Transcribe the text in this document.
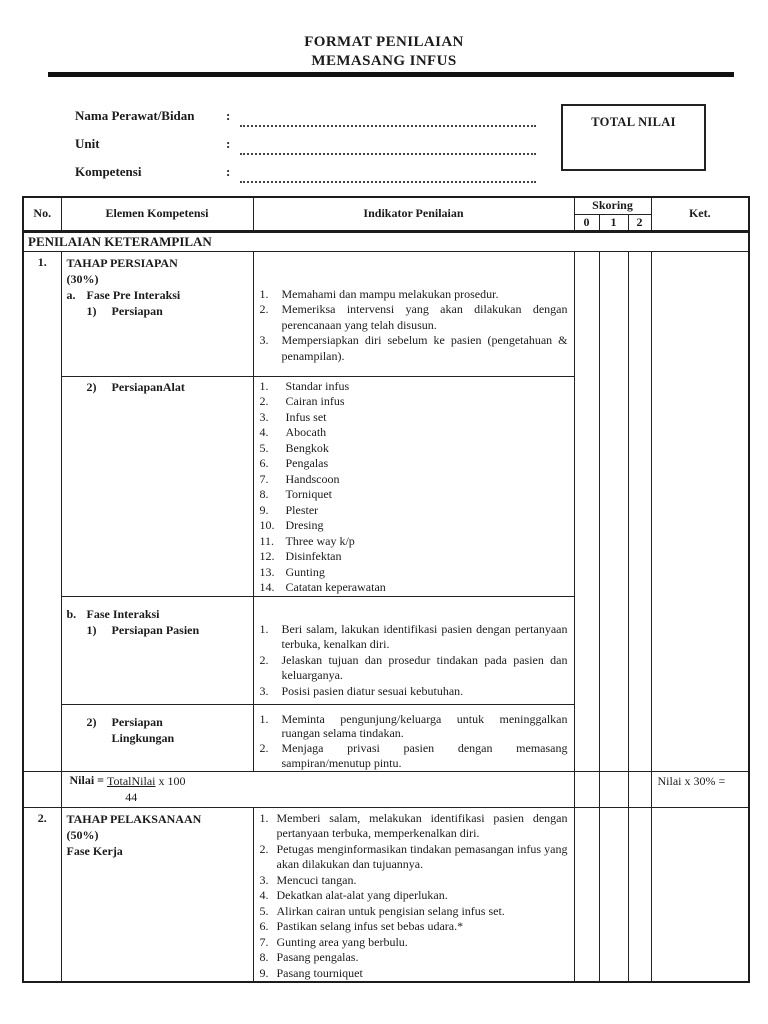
FORMAT PENILAIAN
MEMASANG INFUS
Nama Perawat/Bidan	:
Unit	:
Kompetensi	:
TOTAL NILAI
No.	Elemen Kompetensi	Indikator Penilaian	Skoring			Ket.
			0	1	2	
PENILAIAN KETERAMPILAN						
1.	TAHAP PERSIAPAN
(30%)
a. Fase Pre Interaksi
1)	Persiapan

1.	Memahami dan mampu melakukan prosedur.
2.	Memeriksa intervensi yang akan dilakukan dengan perencanaan yang telah disusun.
3.	Mempersiapkan diri sebelum ke pasien (pengetahuan & penampilan).

2)	PersiapanAlat	1.	Standar infus
2.	Cairan infus
3.	Infus set
4.	Abocath
5.	Bengkok
6.	Pengalas
7.	Handscoon
8.	Torniquet
9.	Plester
10. Dresing
11. Three way k/p
12. Disinfektan
13. Gunting
14. Catatan keperawatan

b. Fase Interaksi
1)	Persiapan Pasien	1.	Beri salam, lakukan identifikasi pasien dengan pertanyaan terbuka, kenalkan diri.
2.	Jelaskan tujuan dan prosedur tindakan pada pasien dan keluarganya.
3.	Posisi pasien diatur sesuai kebutuhan.

2)	Persiapan Lingkungan

1.	Meminta pengunjung/keluarga untuk meninggalkan ruangan selama tindakan.
2.	Menjaga privasi pasien dengan memasang sampiran/menutup pintu.

	Nilai = $\frac{\text{TotalNilai}}{44}$ x 100					Nilai x 30% =
2.	TAHAP PELAKSANAAN
(50%)
Fase Kerja

1. Memberi salam, melakukan identifikasi pasien dengan pertanyaan terbuka, memperkenalkan diri.
2. Petugas menginformasikan tindakan pemasangan infus yang akan dilakukan dan tujuannya.
3. Mencuci tangan.
4. Dekatkan alat-alat yang diperlukan.
5. Alirkan cairan untuk pengisian selang infus set.
6. Pastikan selang infus set bebas udara.*
7. Gunting area yang berbulu.
8. Pasang pengalas.
9. Pasang tourniquet
